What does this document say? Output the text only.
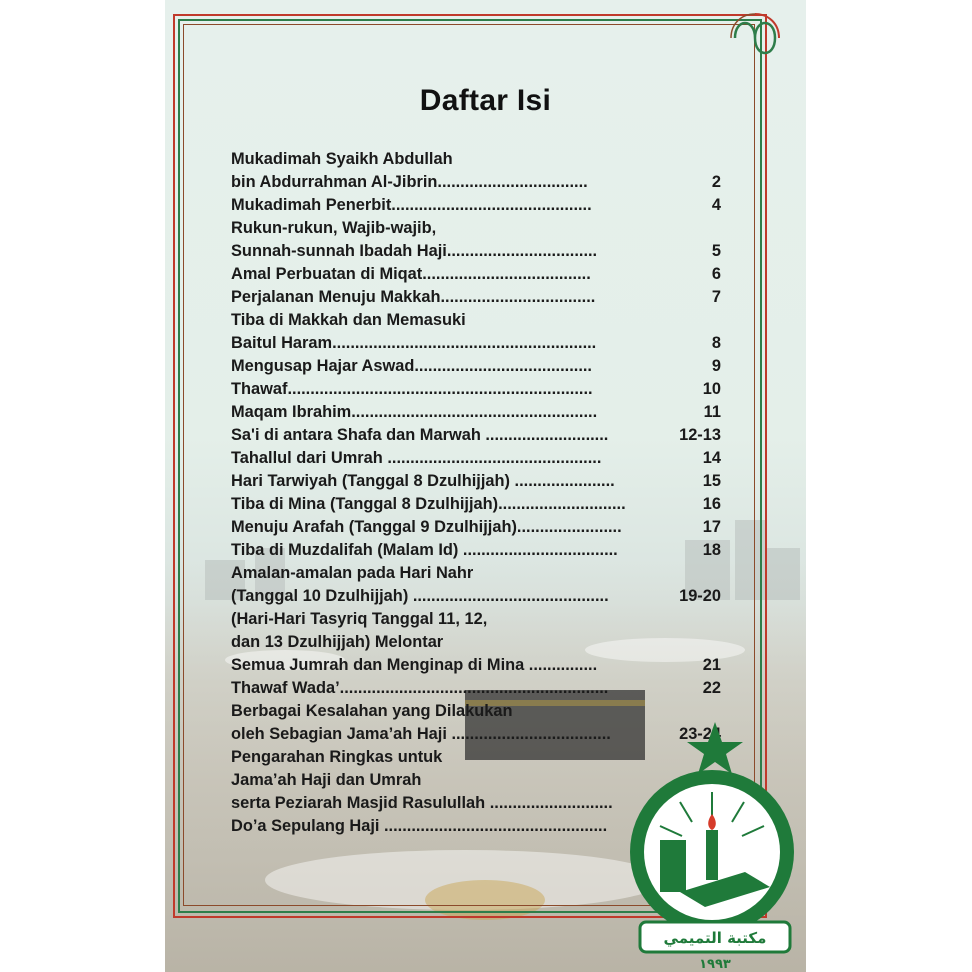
Daftar Isi
Mukadimah Syaikh Abdullah
bin Abdurrahman Al-Jibrin.................................	2
Mukadimah Penerbit............................................	4
Rukun-rukun, Wajib-wajib,
Sunnah-sunnah Ibadah Haji.................................	5
Amal Perbuatan di Miqat.....................................	6
Perjalanan Menuju Makkah..................................	7
Tiba di Makkah dan Memasuki
Baitul Haram..........................................................	8
Mengusap Hajar Aswad.......................................	9
Thawaf...................................................................	10
Maqam Ibrahim......................................................	11
Sa'i di antara Shafa dan Marwah ...........................	12-13
Tahallul dari Umrah ...............................................	14
Hari Tarwiyah (Tanggal 8 Dzulhijjah) ......................	15
Tiba di Mina (Tanggal 8 Dzulhijjah)............................	16
Menuju Arafah (Tanggal 9 Dzulhijjah).......................	17
Tiba di Muzdalifah (Malam Id) ..................................	18
Amalan-amalan pada Hari Nahr
(Tanggal 10 Dzulhijjah) ...........................................	19-20
(Hari-Hari Tasyriq Tanggal 11, 12,
dan 13 Dzulhijjah) Melontar
Semua Jumrah dan Menginap di Mina ...............	21
Thawaf Wada’...........................................................	22
Berbagai Kesalahan yang Dilakukan
oleh Sebagian Jama’ah Haji ...................................	23-24
Pengarahan Ringkas untuk
Jama’ah Haji dan Umrah
serta Peziarah Masjid Rasulullah ...........................
Do’a Sepulang Haji .................................................
مكتبة التميمي
١٩٩٣
